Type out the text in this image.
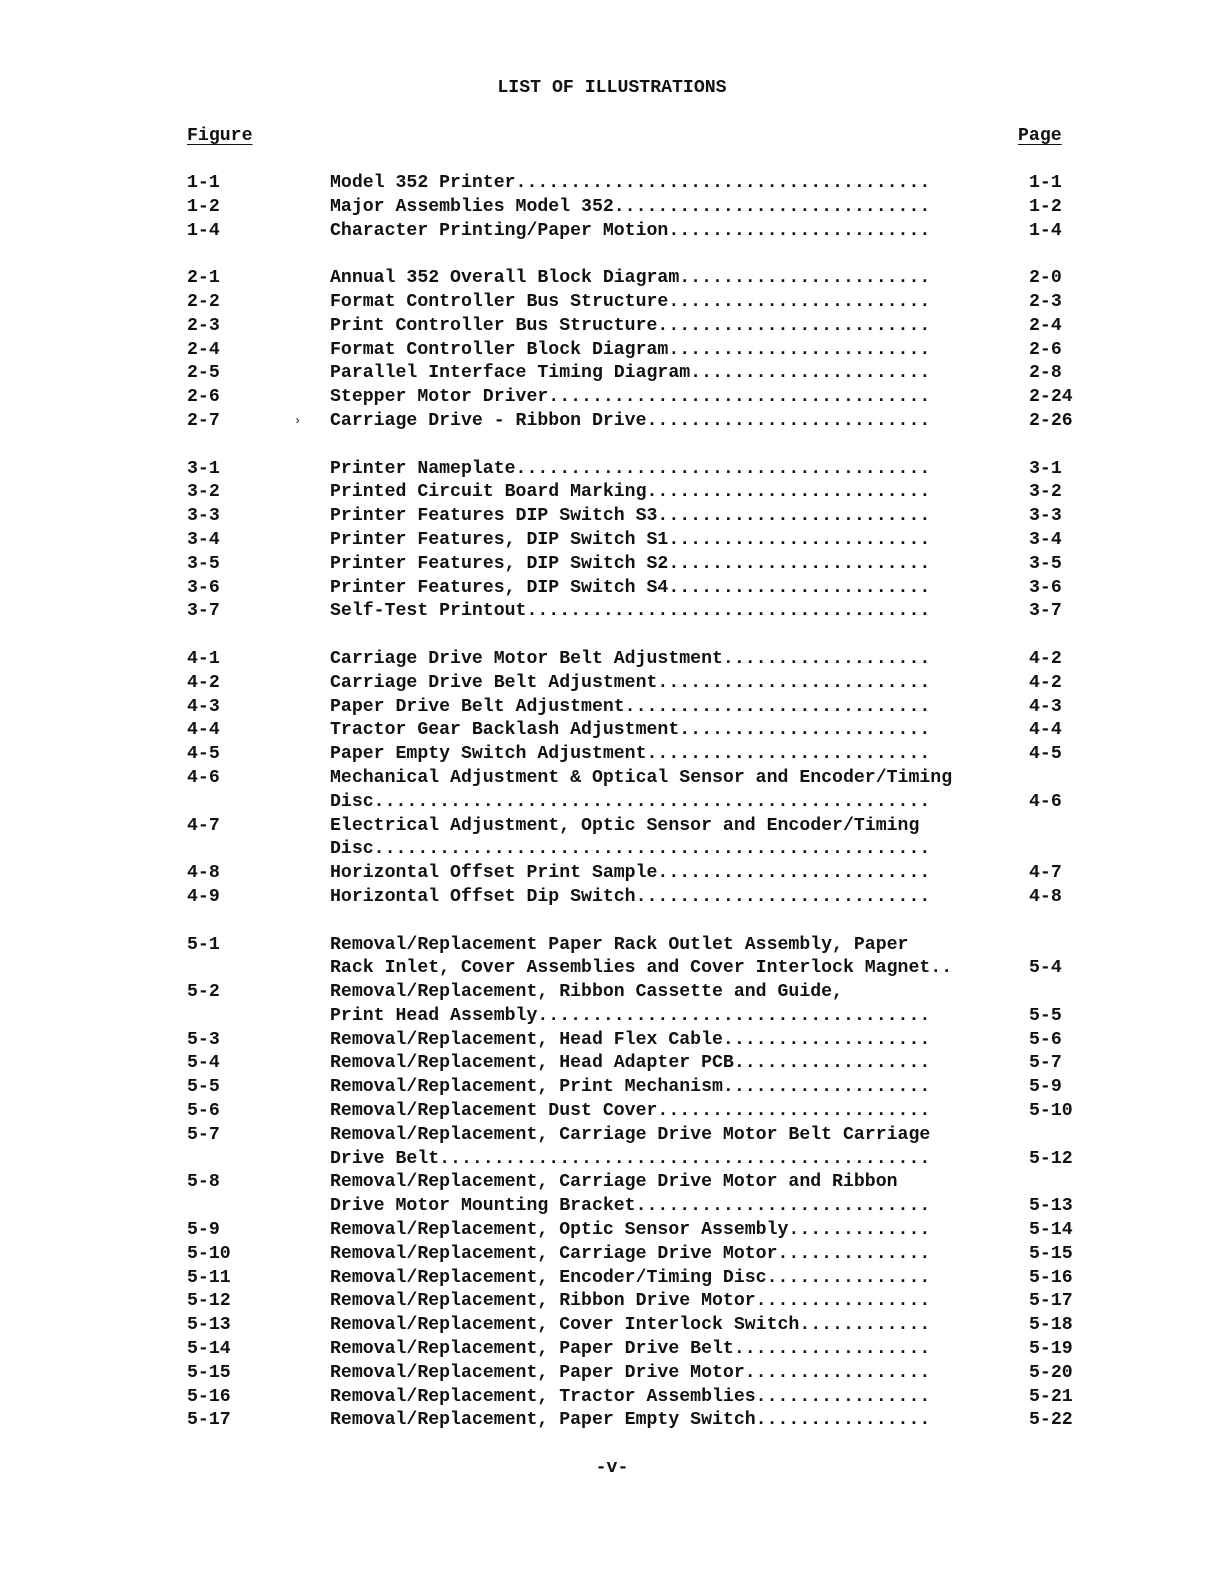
LIST OF ILLUSTRATIONS
Figure	Page
1-1	Model 352 Printer......................................	1-1
1-2	Major Assemblies Model 352.............................	1-2
1-4	Character Printing/Paper Motion........................	1-4
2-1	Annual 352 Overall Block Diagram.......................	2-0
2-2	Format Controller Bus Structure........................	2-3
2-3	Print Controller Bus Structure.........................	2-4
2-4	Format Controller Block Diagram........................	2-6
2-5	Parallel Interface Timing Diagram......................	2-8
2-6	Stepper Motor Driver...................................	2-24
2-7	Carriage Drive - Ribbon Drive..........................	2-26
›
3-1	Printer Nameplate......................................	3-1
3-2	Printed Circuit Board Marking..........................	3-2
3-3	Printer Features DIP Switch S3.........................	3-3
3-4	Printer Features, DIP Switch S1........................	3-4
3-5	Printer Features, DIP Switch S2........................	3-5
3-6	Printer Features, DIP Switch S4........................	3-6
3-7	Self-Test Printout.....................................	3-7
4-1	Carriage Drive Motor Belt Adjustment...................	4-2
4-2	Carriage Drive Belt Adjustment.........................	4-2
4-3	Paper Drive Belt Adjustment............................	4-3
4-4	Tractor Gear Backlash Adjustment.......................	4-4
4-5	Paper Empty Switch Adjustment..........................	4-5
4-6	Mechanical Adjustment & Optical Sensor and Encoder/Timing
Disc...................................................	4-6
4-7	Electrical Adjustment, Optic Sensor and Encoder/Timing
Disc...................................................
4-8	Horizontal Offset Print Sample.........................	4-7
4-9	Horizontal Offset Dip Switch...........................	4-8
5-1	Removal/Replacement Paper Rack Outlet Assembly, Paper
Rack Inlet, Cover Assemblies and Cover Interlock Magnet..	5-4
5-2	Removal/Replacement, Ribbon Cassette and Guide,
Print Head Assembly....................................	5-5
5-3	Removal/Replacement, Head Flex Cable...................	5-6
5-4	Removal/Replacement, Head Adapter PCB..................	5-7
5-5	Removal/Replacement, Print Mechanism...................	5-9
5-6	Removal/Replacement Dust Cover.........................	5-10
5-7	Removal/Replacement, Carriage Drive Motor Belt Carriage
Drive Belt.............................................	5-12
5-8	Removal/Replacement, Carriage Drive Motor and Ribbon
Drive Motor Mounting Bracket...........................	5-13
5-9	Removal/Replacement, Optic Sensor Assembly.............	5-14
5-10	Removal/Replacement, Carriage Drive Motor..............	5-15
5-11	Removal/Replacement, Encoder/Timing Disc...............	5-16
5-12	Removal/Replacement, Ribbon Drive Motor................	5-17
5-13	Removal/Replacement, Cover Interlock Switch............	5-18
5-14	Removal/Replacement, Paper Drive Belt..................	5-19
5-15	Removal/Replacement, Paper Drive Motor.................	5-20
5-16	Removal/Replacement, Tractor Assemblies................	5-21
5-17	Removal/Replacement, Paper Empty Switch................	5-22
-v-
